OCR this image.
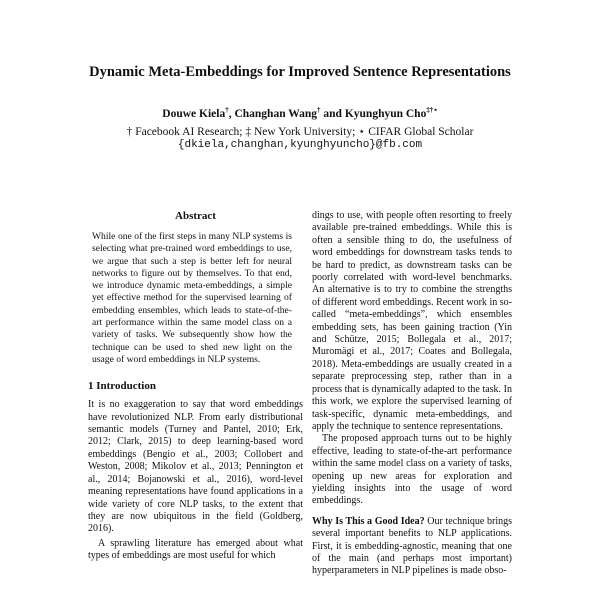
Dynamic Meta-Embeddings for Improved Sentence Representations
Douwe Kiela†, Changhan Wang† and Kyunghyun Cho‡†⋆
† Facebook AI Research; ‡ New York University; ⋆ CIFAR Global Scholar
{dkiela,changhan,kyunghyuncho}@fb.com
Abstract

While one of the first steps in many NLP systems is selecting what pre-trained word embeddings to use, we argue that such a step is better left for neural networks to figure out by themselves. To that end, we introduce dynamic meta-embeddings, a simple yet effective method for the supervised learning of embedding ensembles, which leads to state-of-the-art performance within the same model class on a variety of tasks. We subsequently show how the technique can be used to shed new light on the usage of word embeddings in NLP systems.

1 Introduction

It is no exaggeration to say that word embeddings have revolutionized NLP. From early distributional semantic models (Turney and Pantel, 2010; Erk, 2012; Clark, 2015) to deep learning-based word embeddings (Bengio et al., 2003; Collobert and Weston, 2008; Mikolov et al., 2013; Pennington et al., 2014; Bojanowski et al., 2016), word-level meaning representations have found applications in a wide variety of core NLP tasks, to the extent that they are now ubiquitous in the field (Goldberg, 2016).

A sprawling literature has emerged about what types of embeddings are most useful for which

dings to use, with people often resorting to freely available pre-trained embeddings. While this is often a sensible thing to do, the usefulness of word embeddings for downstream tasks tends to be hard to predict, as downstream tasks can be poorly correlated with word-level benchmarks. An alternative is to try to combine the strengths of different word embeddings. Recent work in so-called “meta-embeddings”, which ensembles embedding sets, has been gaining traction (Yin and Schütze, 2015; Bollegala et al., 2017; Muromägi et al., 2017; Coates and Bollegala, 2018). Meta-embeddings are usually created in a separate preprocessing step, rather than in a process that is dynamically adapted to the task. In this work, we explore the supervised learning of task-specific, dynamic meta-embeddings, and apply the technique to sentence representations.

The proposed approach turns out to be highly effective, leading to state-of-the-art performance within the same model class on a variety of tasks, opening up new areas for exploration and yielding insights into the usage of word embeddings.

Why Is This a Good Idea? Our technique brings several important benefits to NLP applications. First, it is embedding-agnostic, meaning that one of the main (and perhaps most important) hyperparameters in NLP pipelines is made obso-
